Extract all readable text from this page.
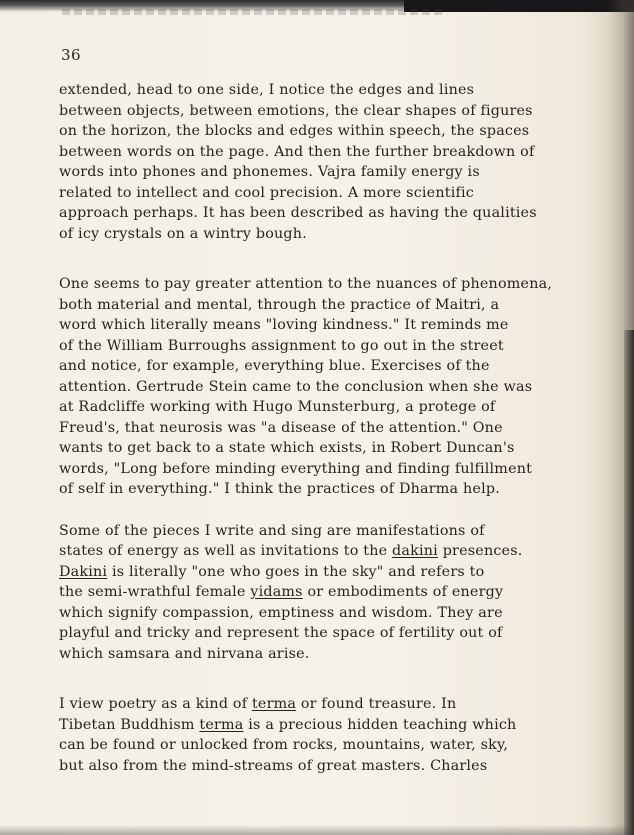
36
extended, head to one side, I notice the edges and lines
between objects, between emotions, the clear shapes of figures
on the horizon, the blocks and edges within speech, the spaces
between words on the page. And then the further breakdown of
words into phones and phonemes. Vajra family energy is
related to intellect and cool precision. A more scientific
approach perhaps. It has been described as having the qualities
of icy crystals on a wintry bough.
One seems to pay greater attention to the nuances of phenomena,
both material and mental, through the practice of Maitri, a
word which literally means "loving kindness." It reminds me
of the William Burroughs assignment to go out in the street
and notice, for example, everything blue. Exercises of the
attention. Gertrude Stein came to the conclusion when she was
at Radcliffe working with Hugo Munsterburg, a protege of
Freud's, that neurosis was "a disease of the attention." One
wants to get back to a state which exists, in Robert Duncan's
words, "Long before minding everything and finding fulfillment
of self in everything." I think the practices of Dharma help.
Some of the pieces I write and sing are manifestations of
states of energy as well as invitations to the dakini presences.
Dakini is literally "one who goes in the sky" and refers to
the semi-wrathful female yidams or embodiments of energy
which signify compassion, emptiness and wisdom. They are
playful and tricky and represent the space of fertility out of
which samsara and nirvana arise.
I view poetry as a kind of terma or found treasure. In
Tibetan Buddhism terma is a precious hidden teaching which
can be found or unlocked from rocks, mountains, water, sky,
but also from the mind-streams of great masters. Charles
